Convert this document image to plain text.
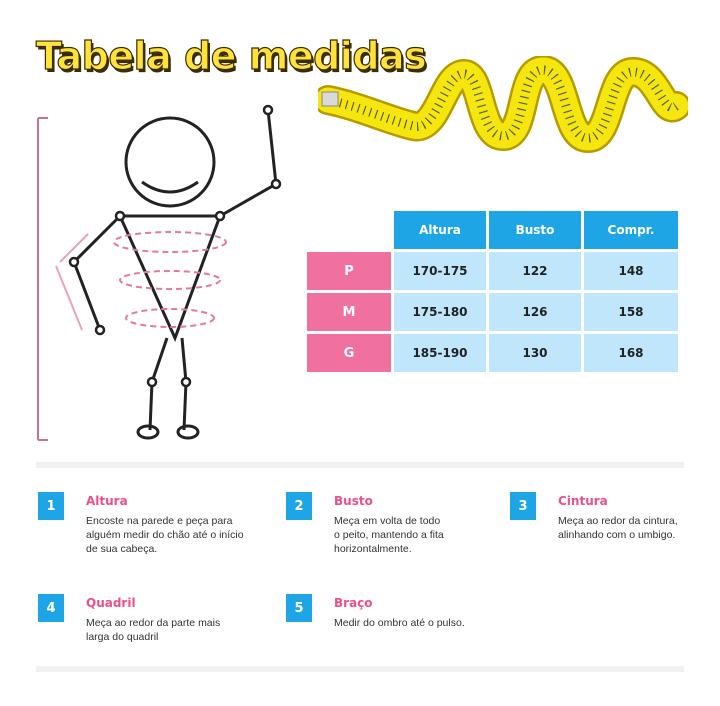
Tabela de medidas
	Altura	Busto	Compr.
P	170-175	122	148
M	175-180	126	158
G	185-190	130	168
1	Altura
Encoste na parede e peça para
alguém medir do chão até o início
de sua cabeça.
2	Busto
Meça em volta de todo
o peito, mantendo a fita
horizontalmente.
3	Cintura
Meça ao redor da cintura,
alinhando com o umbigo.
4	Quadril
Meça ao redor da parte mais
larga do quadril
5	Braço
Medir do ombro até o pulso.
